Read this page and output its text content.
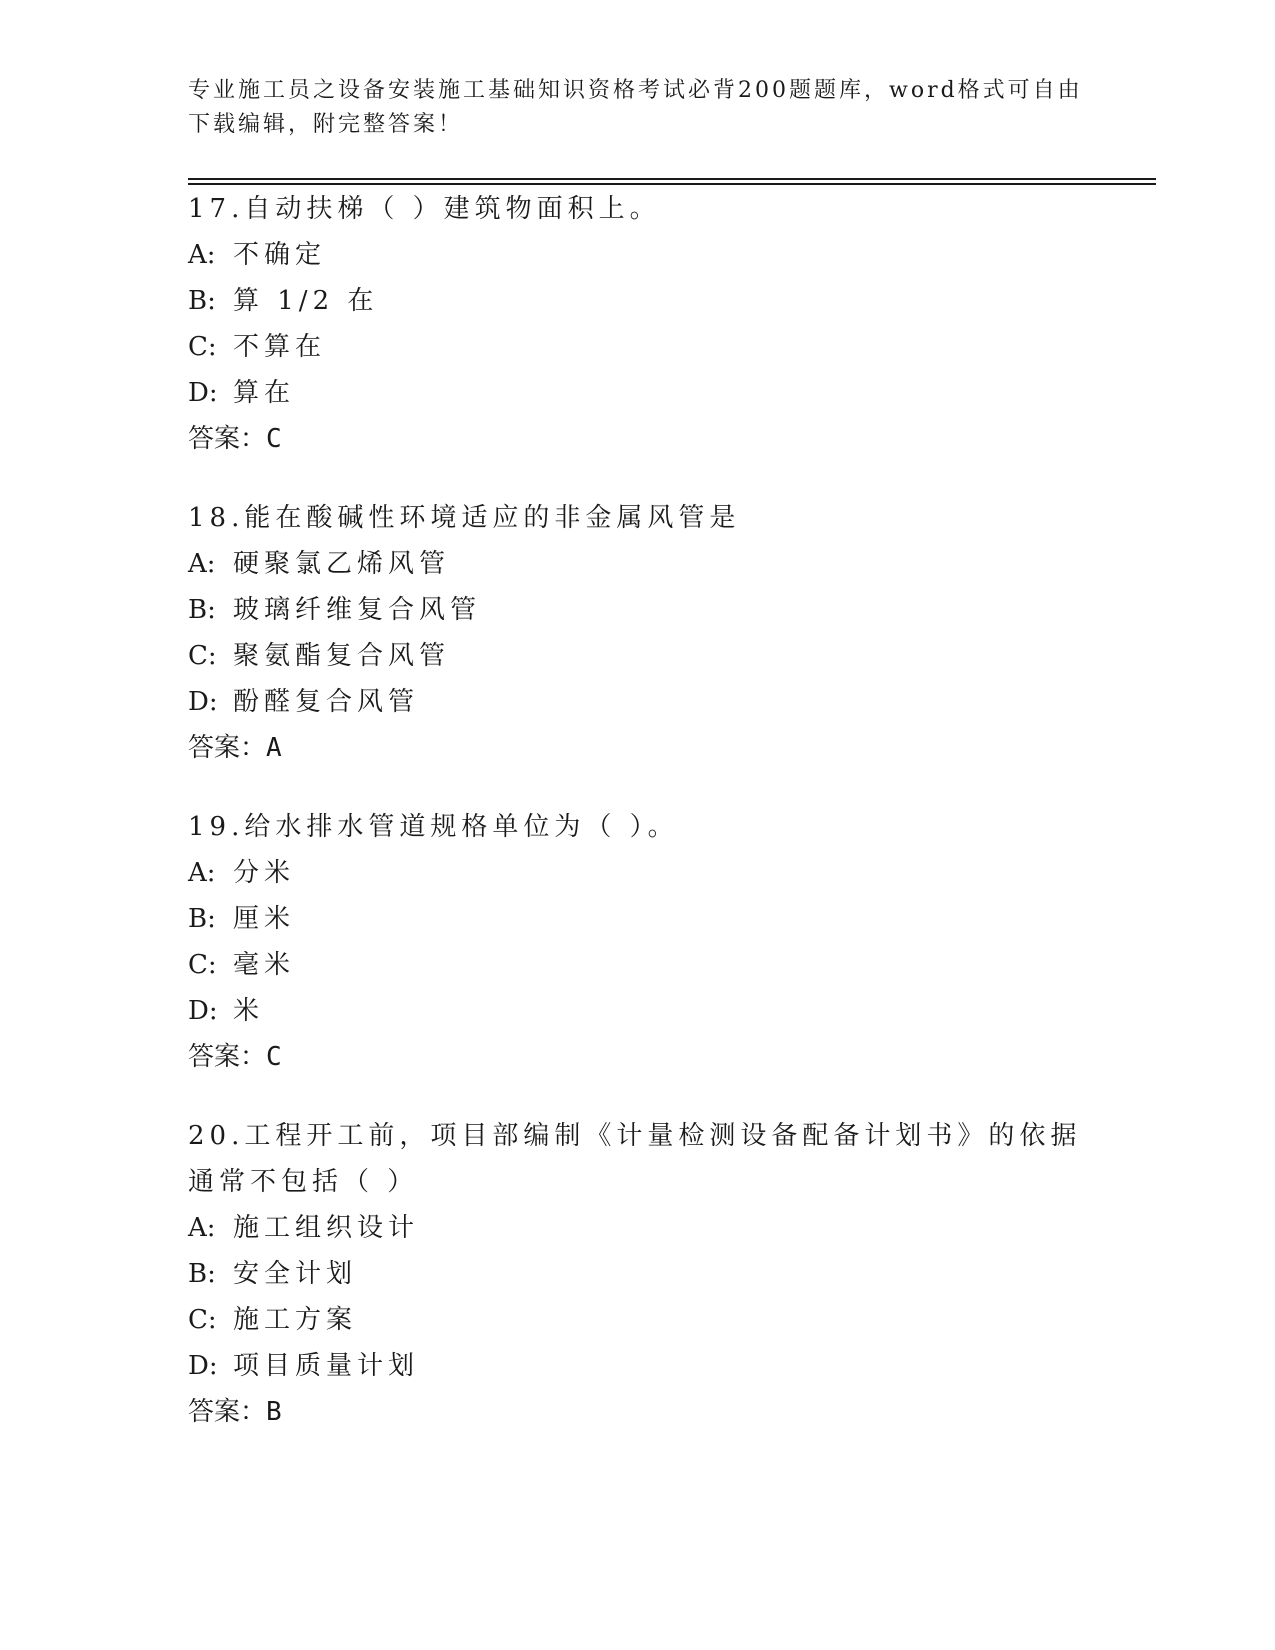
专业施工员之设备安装施工基础知识资格考试必背200题题库，word格式可自由下载编辑，附完整答案！
17.自动扶梯（ ）建筑物面积上。
A: 不确定
B: 算 1/2 在
C: 不算在
D: 算在
答案：C
18.能在酸碱性环境适应的非金属风管是
A: 硬聚氯乙烯风管
B: 玻璃纤维复合风管
C: 聚氨酯复合风管
D: 酚醛复合风管
答案：A
19.给水排水管道规格单位为（ ）。
A: 分米
B: 厘米
C: 毫米
D: 米
答案：C
20.工程开工前，项目部编制《计量检测设备配备计划书》的依据通常不包括（ ）
A: 施工组织设计
B: 安全计划
C: 施工方案
D: 项目质量计划
答案：B
